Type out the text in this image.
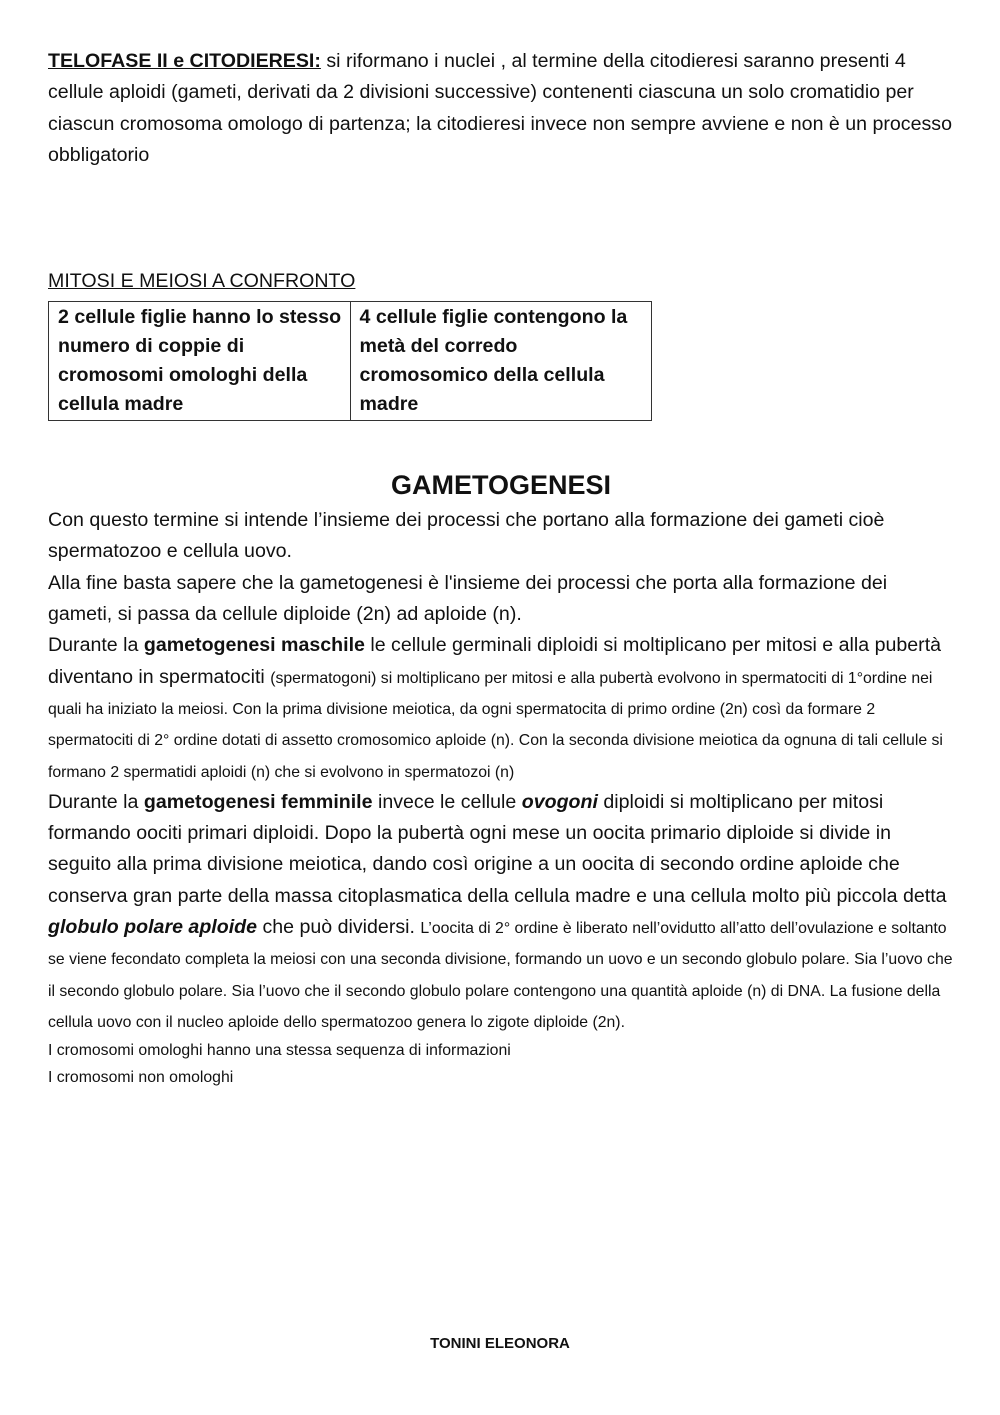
TELOFASE II e CITODIERESI: si riformano i nuclei , al termine della citodieresi saranno presenti 4 cellule aploidi (gameti, derivati da 2 divisioni successive) contenenti ciascuna un solo cromatidio per ciascun cromosoma omologo di partenza; la citodieresi invece non sempre avviene e non è un processo obbligatorio

MITOSI E MEIOSI A CONFRONTO

2 cellule figlie hanno lo stesso numero di coppie di cromosomi omologhi della cellula madre	4 cellule figlie contengono la metà del corredo cromosomico della cellula madre
GAMETOGENESI

Con questo termine si intende l’insieme dei processi che portano alla formazione dei gameti cioè spermatozoo e cellula uovo.

Alla fine basta sapere che la gametogenesi è l'insieme dei processi che porta alla formazione dei gameti, si passa da cellule diploide (2n) ad aploide (n).

Durante la gametogenesi maschile le cellule germinali diploidi si moltiplicano per mitosi e alla pubertà diventano in spermatociti (spermatogoni) si moltiplicano per mitosi e alla pubertà evolvono in spermatociti di 1°ordine nei quali ha iniziato la meiosi. Con la prima divisione meiotica, da ogni spermatocita di primo ordine (2n) così da formare 2 spermatociti di 2° ordine dotati di assetto cromosomico aploide (n). Con la seconda divisione meiotica da ognuna di tali cellule si formano 2 spermatidi aploidi (n) che si evolvono in spermatozoi (n)

Durante la gametogenesi femminile invece le cellule ovogoni diploidi si moltiplicano per mitosi formando oociti primari diploidi. Dopo la pubertà ogni mese un oocita primario diploide si divide in seguito alla prima divisione meiotica, dando così origine a un oocita di secondo ordine aploide che conserva gran parte della massa citoplasmatica della cellula madre e una cellula molto più piccola detta globulo polare aploide che può dividersi. L’oocita di 2° ordine è liberato nell’ovidutto all’atto dell’ovulazione e soltanto se viene fecondato completa la meiosi con una seconda divisione, formando un uovo e un secondo globulo polare. Sia l’uovo che il secondo globulo polare. Sia l’uovo che il secondo globulo polare contengono una quantità aploide (n) di DNA. La fusione della cellula uovo con il nucleo aploide dello spermatozoo genera lo zigote diploide (2n).

I cromosomi omologhi hanno una stessa sequenza di informazioni

I cromosomi non omologhi

TONINI ELEONORA
